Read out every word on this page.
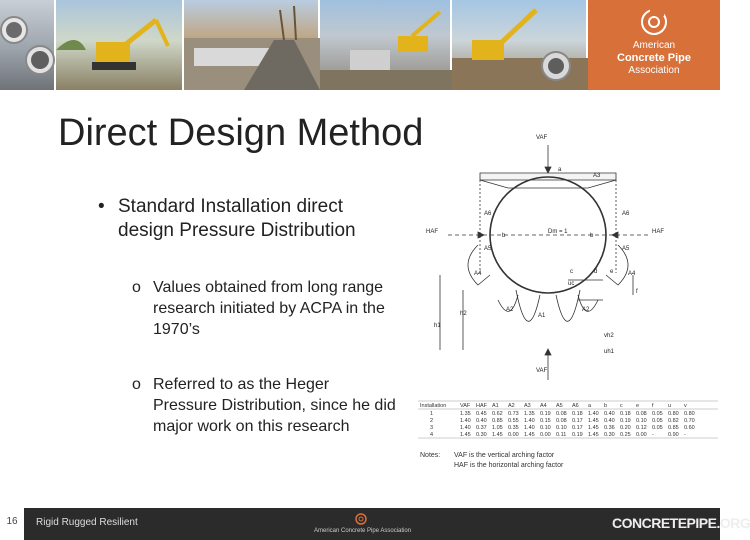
American
Concrete Pipe
Association
Direct Design Method
• Standard Installation direct design Pressure Distribution
o Values obtained from long range research initiated by ACPA in the 1970’s
o Referred to as the Heger Pressure Distribution, since he did major work on this research
VAF
VAF
HAF	HAF
Dm = 1
a
A3
A6	A6
b	b
A5	A5
A4	A4
c	d e
uc
f
A1
A2	A2
h2
h1
vh2
uh1
Installation VAF HAF A1 A2 A3 A4 A5 A6 a b c e f	u v
1	1.35 0.45 0.62 0.73 1.35 0.19 0.08 0.18 1.40 0.40 0.18 0.08 0.05 0.80 0.80
2	1.40 0.40 0.85 0.55 1.40 0.15 0.08 0.17 1.45 0.40 0.19 0.10 0.05 0.82 0.70
3	1.40 0.37 1.05 0.35 1.40 0.10 0.10 0.17 1.45 0.36 0.20 0.12 0.05 0.85 0.60
4	1.45 0.30 1.45 0.00 1.45 0.00 0.11 0.19 1.45 0.30 0.25 0.00 -	0.90 -
Notes: VAF is the vertical arching factor
HAF is the horizontal arching factor
16	Rigid Rugged Resilient
American Concrete Pipe Association	CONCRETEPIPE.ORG
